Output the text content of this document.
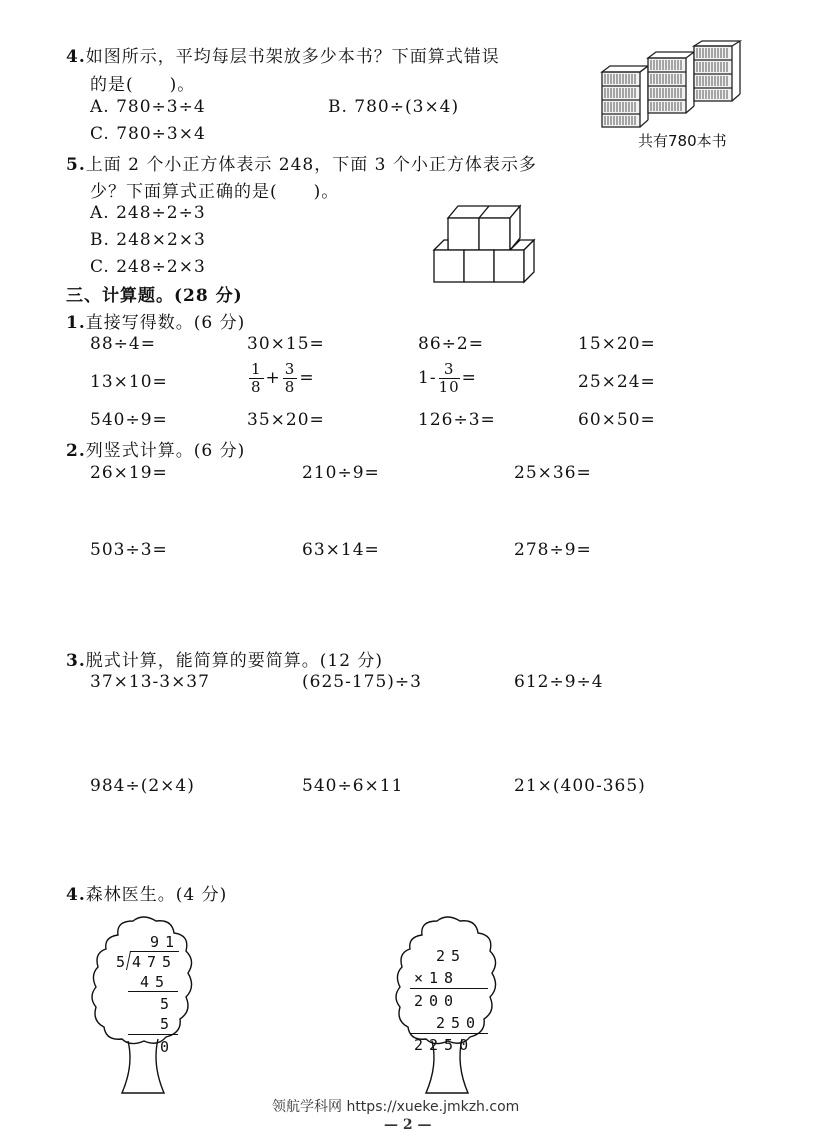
4.如图所示，平均每层书架放多少本书？下面算式错误
的是(　　)。
A. 780÷3÷4	B. 780÷(3×4)
C. 780÷3×4	共有780本书
5.上面 2 个小正方体表示 248，下面 3 个小正方体表示多
少？下面算式正确的是(　　)。
A. 248÷2÷3
B. 248×2×3
C. 248÷2×3
三、计算题。(28 分)
1.直接写得数。(6 分)
88÷4=	30×15=	86÷2=	15×20=
13×10=	$\frac{1}{8} + \frac{3}{8}$ =	$1- \frac{3}{10}$ =	25×24=
540÷9=	35×20=	126÷3=	60×50=
2.列竖式计算。(6 分)
26×19=	210÷9=	25×36=
503÷3=	63×14=	278÷9=
3.脱式计算，能简算的要简算。(12 分)
37×13-3×37	(625-175)÷3	612÷9÷4
984÷(2×4)	540÷6×11	21×(400-365)
4.森林医生。(4 分)
91
5 475
45
5
5
0
25
×18
200
250
2250
领航学科网 https://xueke.jmkzh.com
— 2 —
